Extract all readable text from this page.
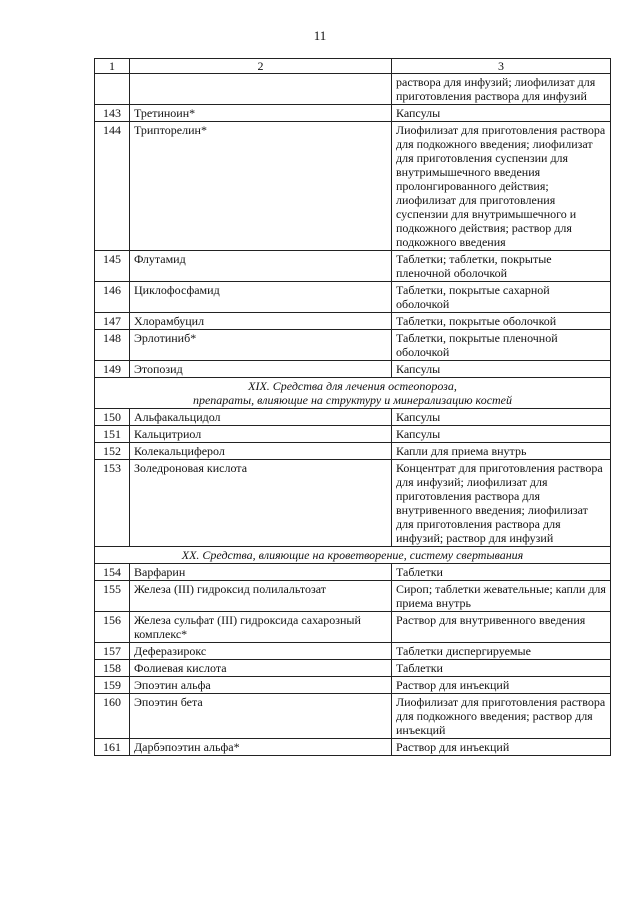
11
1	2	3
		раствора для инфузий; лиофилизат для приготовления раствора для инфузий
143	Третиноин*	Капсулы
144	Трипторелин*	Лиофилизат для приготовления раствора для подкожного введения; лиофилизат для приготовления суспензии для внутримышечного введения пролонгированного действия; лиофилизат для приготовления суспензии для внутримышечного и подкожного действия; раствор для подкожного введения
145	Флутамид	Таблетки; таблетки, покрытые пленочной оболочкой
146	Циклофосфамид	Таблетки, покрытые сахарной оболочкой
147	Хлорамбуцил	Таблетки, покрытые оболочкой
148	Эрлотиниб*	Таблетки, покрытые пленочной оболочкой
149	Этопозид	Капсулы

XIX. Средства для лечения остеопороза,
препараты, влияющие на структуру и минерализацию костей		

150	Альфакальцидол	Капсулы
151	Кальцитриол	Капсулы
152	Колекальциферол	Капли для приема внутрь
153	Золедроновая кислота	Концентрат для приготовления раствора для инфузий; лиофилизат для приготовления раствора для внутривенного введения; лиофилизат для приготовления раствора для инфузий; раствор для инфузий

XX. Средства, влияющие на кроветворение, систему свертывания		

154	Варфарин	Таблетки
155	Железа (III) гидроксид полилальтозат	Сироп; таблетки жевательные; капли для приема внутрь
156	Железа сульфат (III) гидроксида сахарозный комплекс*	Раствор для внутривенного введения
157	Деферазирокс	Таблетки диспергируемые
158	Фолиевая кислота	Таблетки
159	Эпоэтин альфа	Раствор для инъекций
160	Эпоэтин бета	Лиофилизат для приготовления раствора для подкожного введения; раствор для инъекций
161	Дарбэпоэтин альфа*	Раствор для инъекций
